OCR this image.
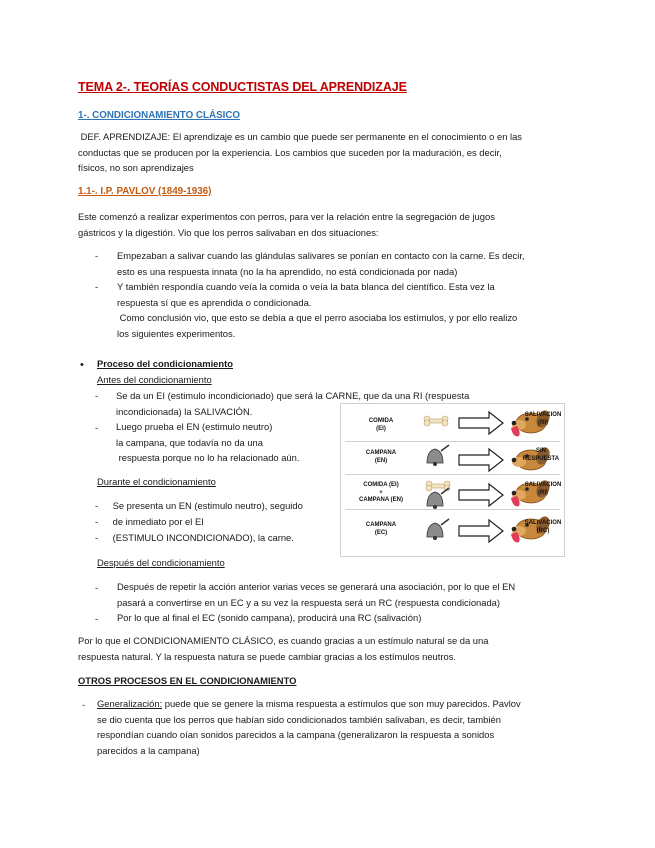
TEMA 2-. TEORÍAS CONDUCTISTAS DEL APRENDIZAJE
1-. CONDICIONAMIENTO CLÁSICO
DEF. APRENDIZAJE: El aprendizaje es un cambio que puede ser permanente en el conocimiento o en las
conductas que se producen por la experiencia. Los cambios que suceden por la maduración, es decir,
físicos, no son aprendizajes
1.1-. I.P. PAVLOV (1849-1936)
Este comenzó a realizar experimentos con perros, para ver la relación entre la segregación de jugos
gástricos y la digestión. Vio que los perros salivaban en dos situaciones:
- Empezaban a salivar cuando las glándulas salivares se ponían en contacto con la carne. Es decir,
esto es una respuesta innata (no la ha aprendido, no está condicionada por nada)
- Y también respondía cuando veía la comida o veía la bata blanca del científico. Esta vez la
respuesta sí que es aprendida o condicionada.
Como conclusión vio, que esto se debía a que el perro asociaba los estímulos, y por ello realizo
los siguientes experimentos.
• Proceso del condicionamiento
Antes del condicionamiento
- Se da un EI (estimulo incondicionado) que será la CARNE, que da una RI (respuesta
incondicionada) la SALIVACIÓN.
- Luego prueba el EN (estimulo neutro)
la campana, que todavía no da una
respuesta porque no lo ha relacionado aún.
Durante el condicionamiento
-
-
-
Se presenta un EN (estimulo neutro), seguido
de inmediato por el EI
(ESTIMULO INCONDICIONADO), la carne.
Después del condicionamiento
- Después de repetir la acción anterior varias veces se generará una asociación, por lo que el EN
pasará a convertirse en un EC y a su vez la respuesta será un RC (respuesta condicionada)
- Por lo que al final el EC (sonido campana), producirá una RC (salivación)
Por lo que el CONDICIONAMIENTO CLÁSICO, es cuando gracias a un estímulo natural se da una
respuesta natural. Y la respuesta natura se puede cambiar gracias a los estímulos neutros.
OTROS PROCESOS EN EL CONDICIONAMIENTO
- Generalización: puede que se genere la misma respuesta a estímulos que son muy parecidos. Pavlov
se dio cuenta que los perros que habían sido condicionados también salivaban, es decir, también
respondían cuando oían sonidos parecidos a la campana (generalizaron la respuesta a sonidos
parecidos a la campana)
COMIDA
(EI)
SALIVACION
(RI)
CAMPANA
(EN)
SIN RESPUESTA
COMIDA (EI)
+
CAMPANA (EN)
SALIVACION
(RI)
CAMPANA
(EC)
SALIVACION
(RC)
